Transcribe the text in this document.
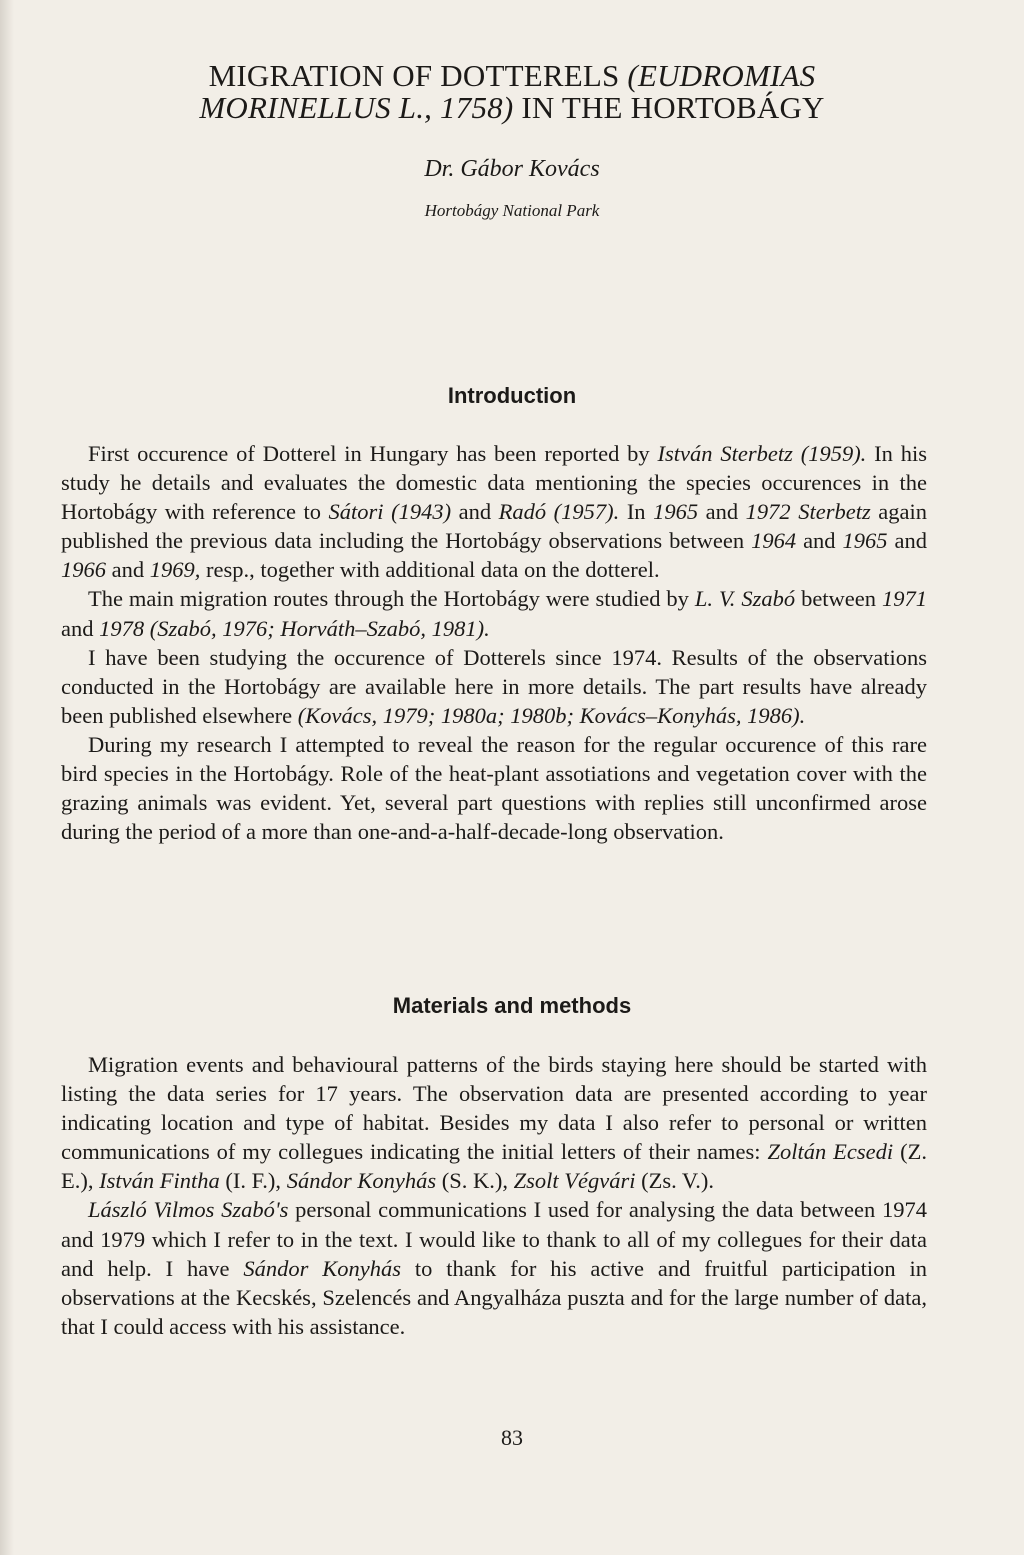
MIGRATION OF DOTTERELS (EUDROMIAS
MORINELLUS L., 1758) IN THE HORTOBÁGY
Dr. Gábor Kovács
Hortobágy National Park
Introduction

First occurence of Dotterel in Hungary has been reported by István Sterbetz (1959). In his study he details and evaluates the domestic data mentioning the species occurences in the Hortobágy with reference to Sátori (1943) and Radó (1957). In 1965 and 1972 Sterbetz again published the previous data including the Hortobágy observations between 1964 and 1965 and 1966 and 1969, resp., together with additional data on the dotterel.

The main migration routes through the Hortobágy were studied by L. V. Szabó between 1971 and 1978 (Szabó, 1976; Horváth–Szabó, 1981).

I have been studying the occurence of Dotterels since 1974. Results of the observations conducted in the Hortobágy are available here in more details. The part results have already been published elsewhere (Kovács, 1979; 1980a; 1980b; Kovács–Konyhás, 1986).

During my research I attempted to reveal the reason for the regular occurence of this rare bird species in the Hortobágy. Role of the heat-plant assotiations and vegetation cover with the grazing animals was evident. Yet, several part questions with replies still unconfirmed arose during the period of a more than one-and-a-half-decade-long observation.

Materials and methods

Migration events and behavioural patterns of the birds staying here should be started with listing the data series for 17 years. The observation data are presented according to year indicating location and type of habitat. Besides my data I also refer to personal or written communications of my collegues indicating the initial letters of their names: Zoltán Ecsedi (Z. E.), István Fintha (I. F.), Sándor Konyhás (S. K.), Zsolt Végvári (Zs. V.).

László Vilmos Szabó's personal communications I used for analysing the data between 1974 and 1979 which I refer to in the text. I would like to thank to all of my collegues for their data and help. I have Sándor Konyhás to thank for his active and fruitful participation in observations at the Kecskés, Szelencés and Angyalháza puszta and for the large number of data, that I could access with his assistance.

83
